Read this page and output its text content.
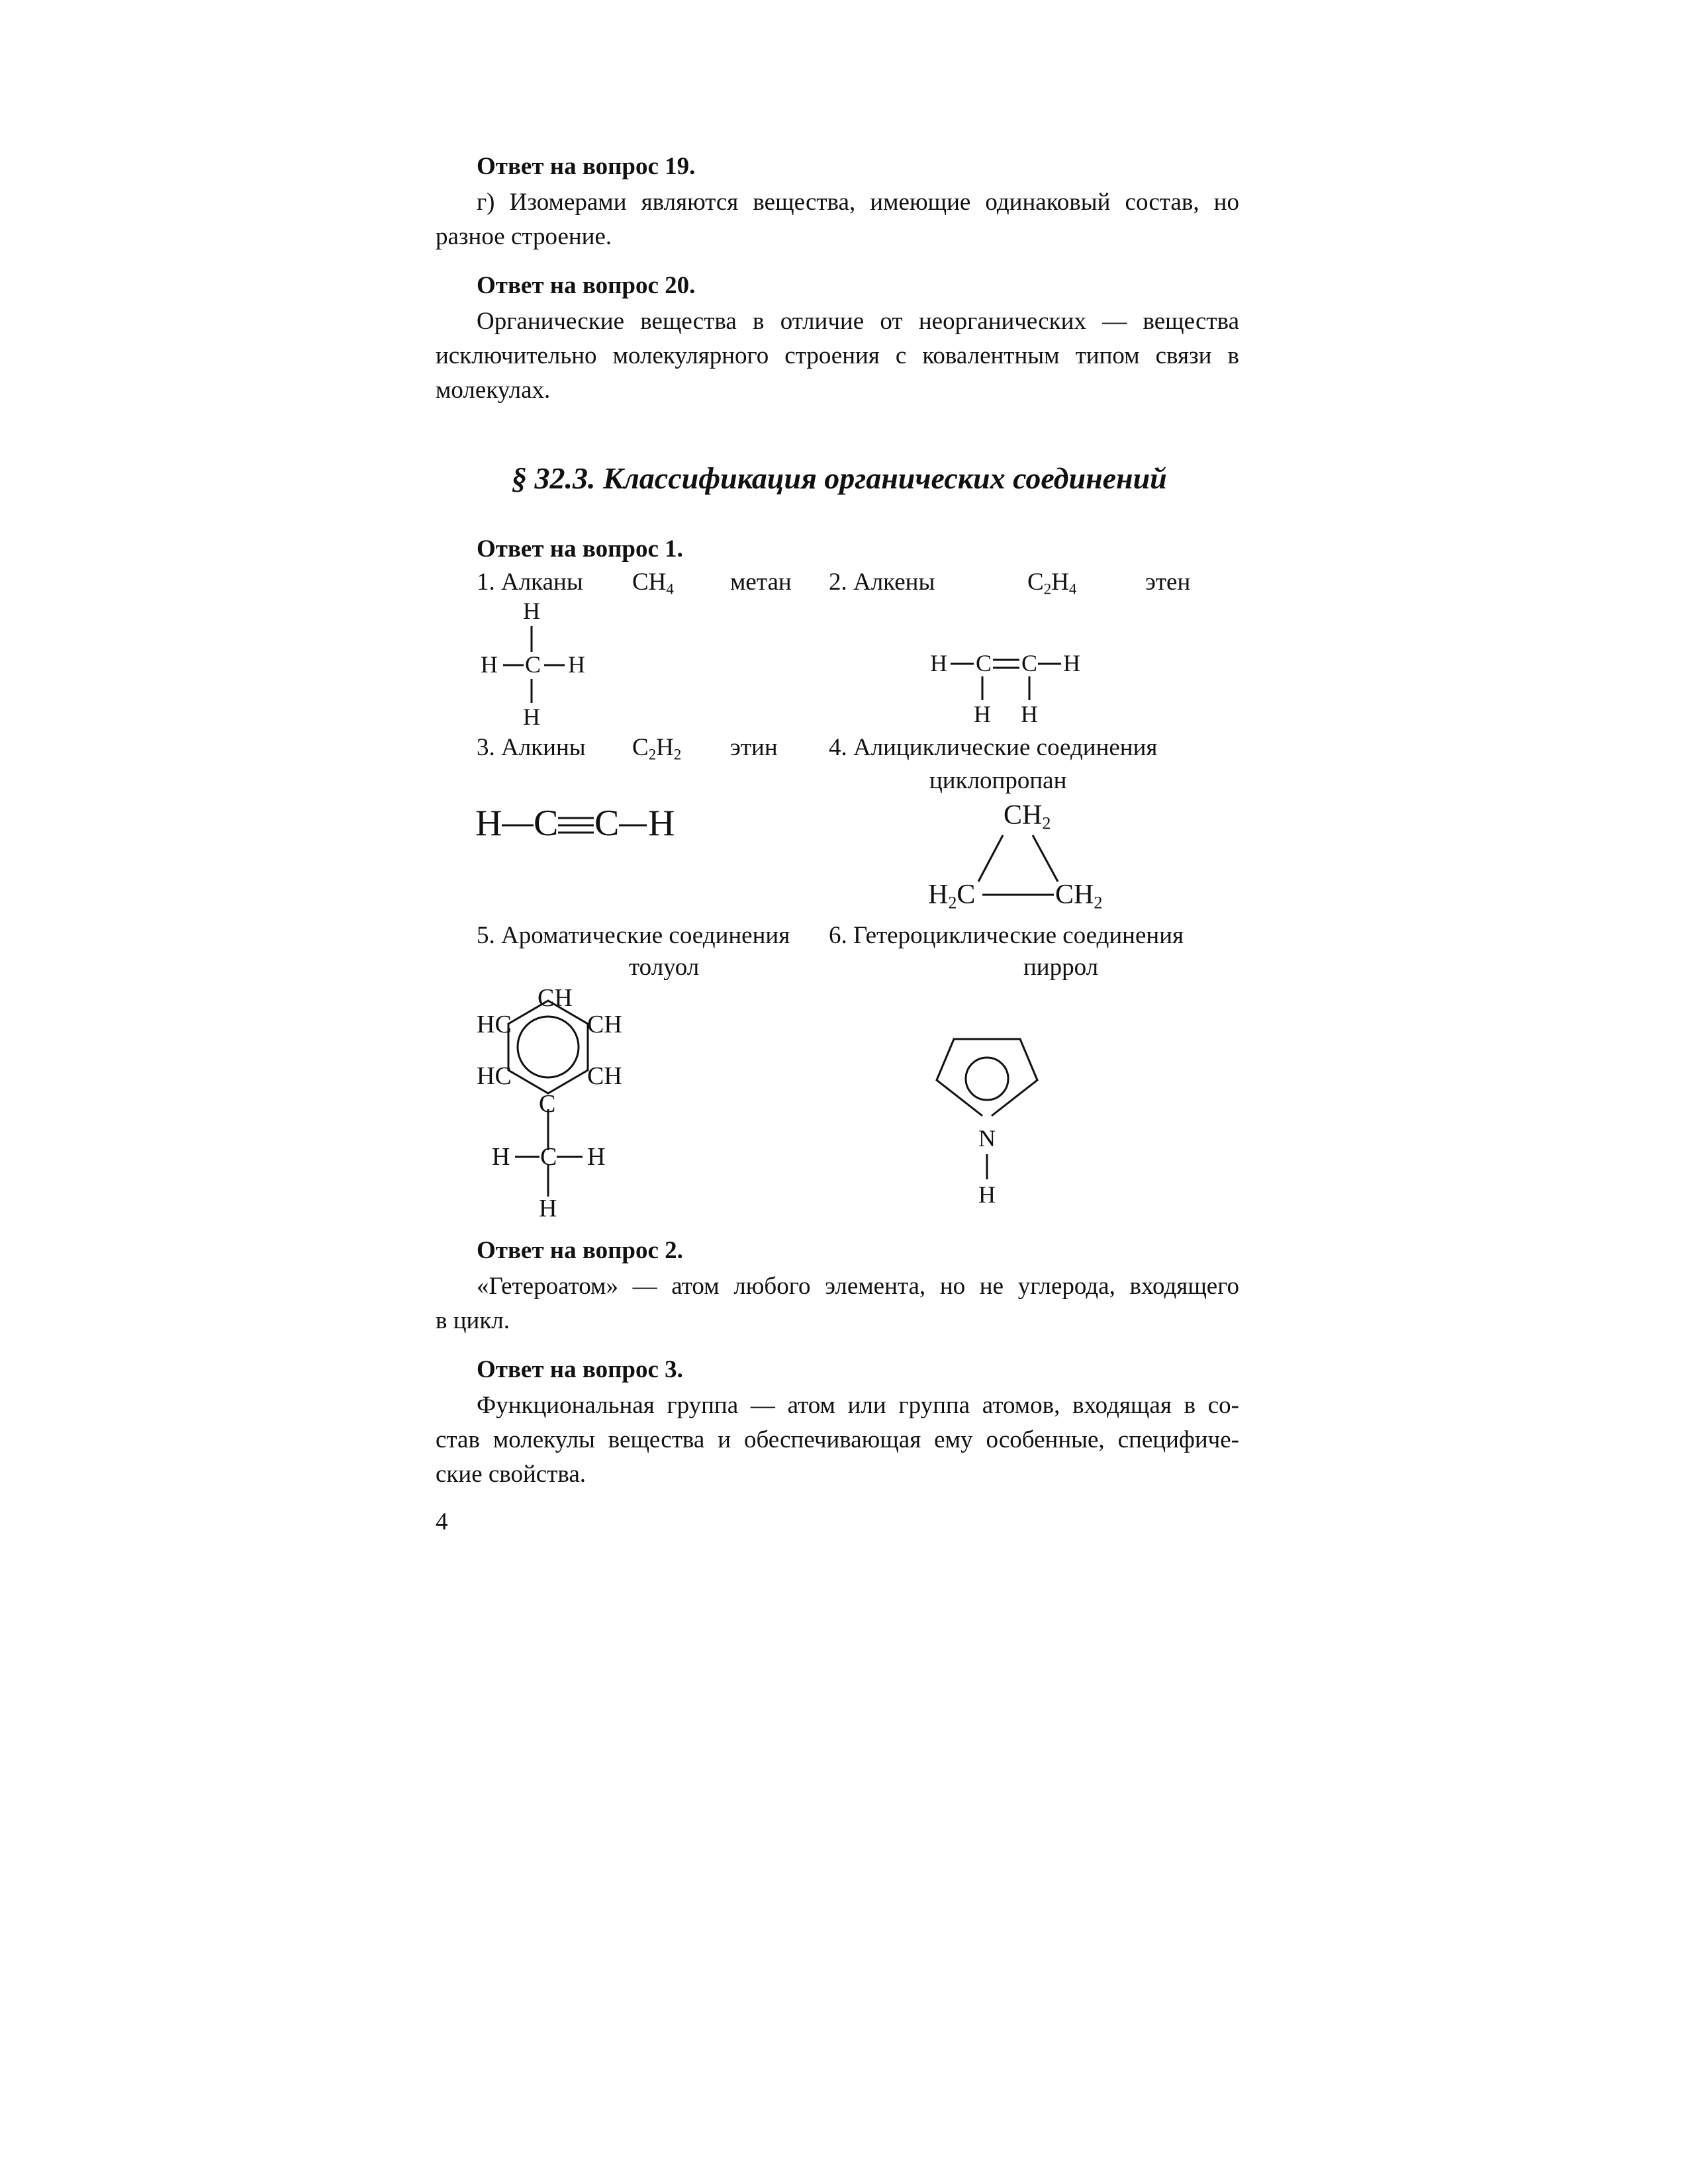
Ответ на вопрос 19.
г) Изомерами являются вещества, имеющие одинаковый состав, но
разное строение.
Ответ на вопрос 20.
Органические вещества в отличие от неорганических — вещества
исключительно молекулярного строения с ковалентным типом связи в
молекулах.
§ 32.3. Классификация органических соединений
Ответ на вопрос 1.
1. Алканы $CH_4$ метан 2. Алкены	$C_2H_4$	этен
H
H C H
H
H C C H
H H
3. Алкины $C_2H_2$ этин 4. Алициклические соединения
циклопропан
H C C H	$CH_2$
$H_2C$	$CH_2$
5. Ароматические соединения
толуол
6. Гетероциклические соединения
пиррол
CH
HC	CH
HC	CH
C
H C H
H
N
H
Ответ на вопрос 2.
«Гетероатом» — атом любого элемента, но не углерода, входящего
в цикл.
Ответ на вопрос 3.
Функциональная группа — атом или группа атомов, входящая в со-
став молекулы вещества и обеспечивающая ему особенные, специфиче-
ские свойства.
4
